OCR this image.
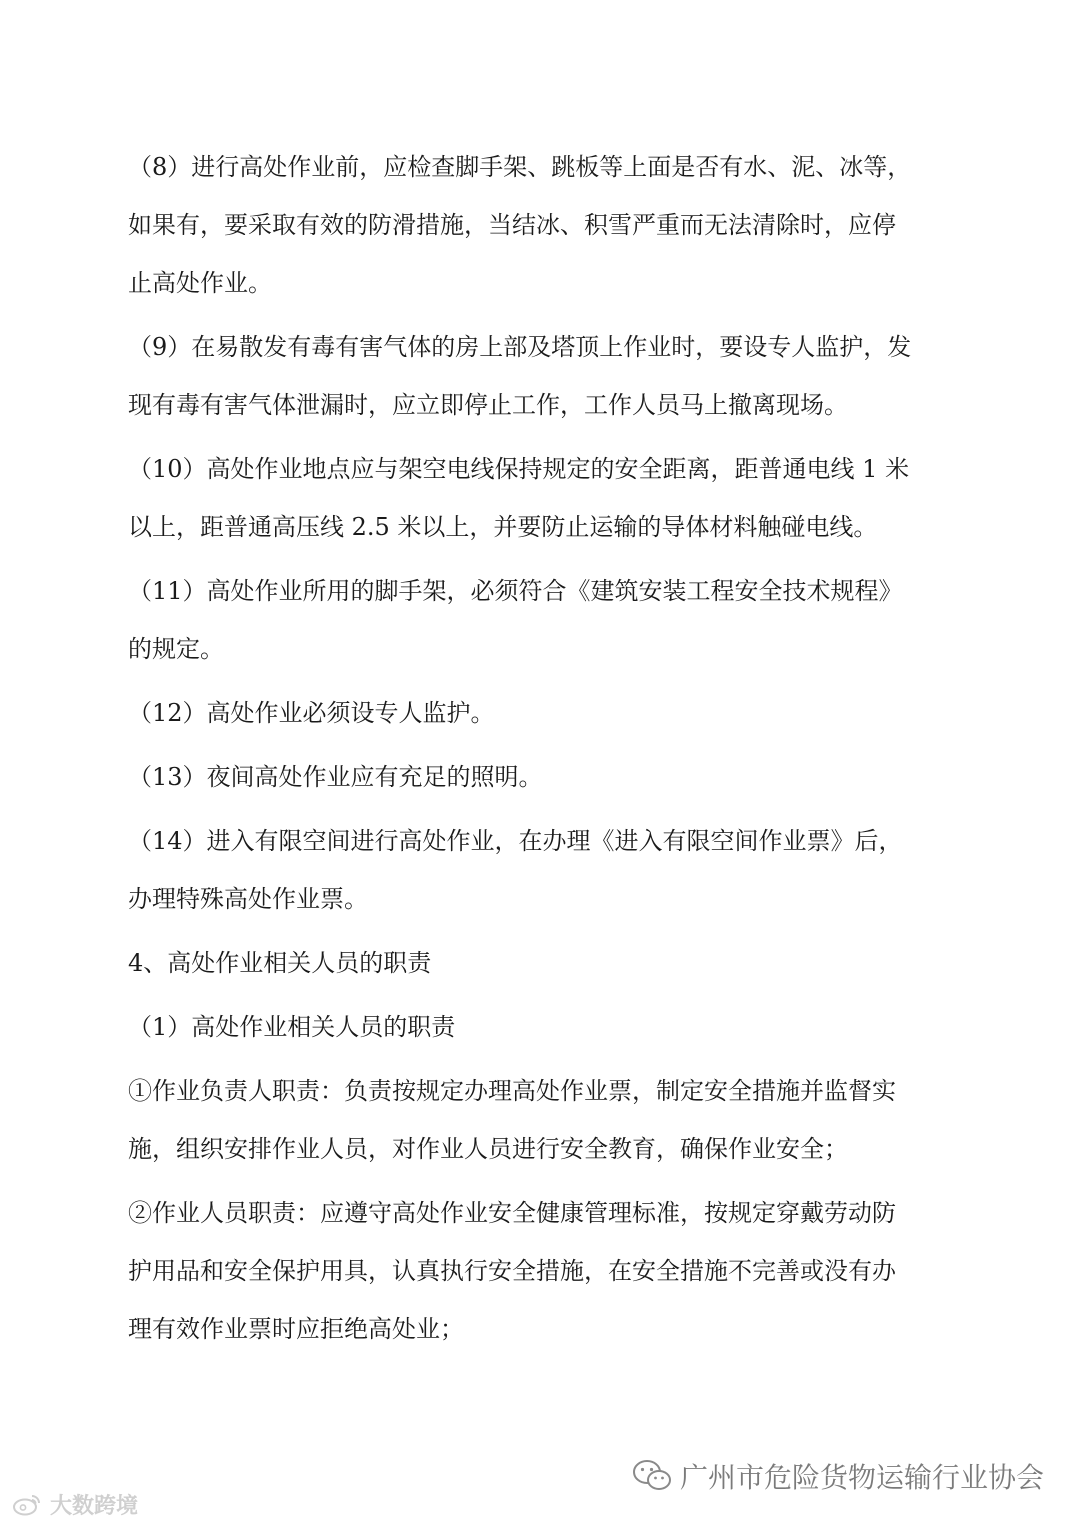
（8）进行高处作业前，应检查脚手架、跳板等上面是否有水、泥、冰等，
如果有，要采取有效的防滑措施，当结冰、积雪严重而无法清除时，应停
止高处作业。

（9）在易散发有毒有害气体的房上部及塔顶上作业时，要设专人监护，发
现有毒有害气体泄漏时，应立即停止工作，工作人员马上撤离现场。

（10）高处作业地点应与架空电线保持规定的安全距离，距普通电线 1 米
以上，距普通高压线 2.5 米以上，并要防止运输的导体材料触碰电线。

（11）高处作业所用的脚手架，必须符合《建筑安装工程安全技术规程》
的规定。

（12）高处作业必须设专人监护。

（13）夜间高处作业应有充足的照明。

（14）进入有限空间进行高处作业，在办理《进入有限空间作业票》后，
办理特殊高处作业票。

4、高处作业相关人员的职责

（1）高处作业相关人员的职责

①作业负责人职责：负责按规定办理高处作业票，制定安全措施并监督实
施，组织安排作业人员，对作业人员进行安全教育，确保作业安全；

②作业人员职责：应遵守高处作业安全健康管理标准，按规定穿戴劳动防
护用品和安全保护用具，认真执行安全措施，在安全措施不完善或没有办
理有效作业票时应拒绝高处业；

广州市危险货物运输行业协会
大数跨境
